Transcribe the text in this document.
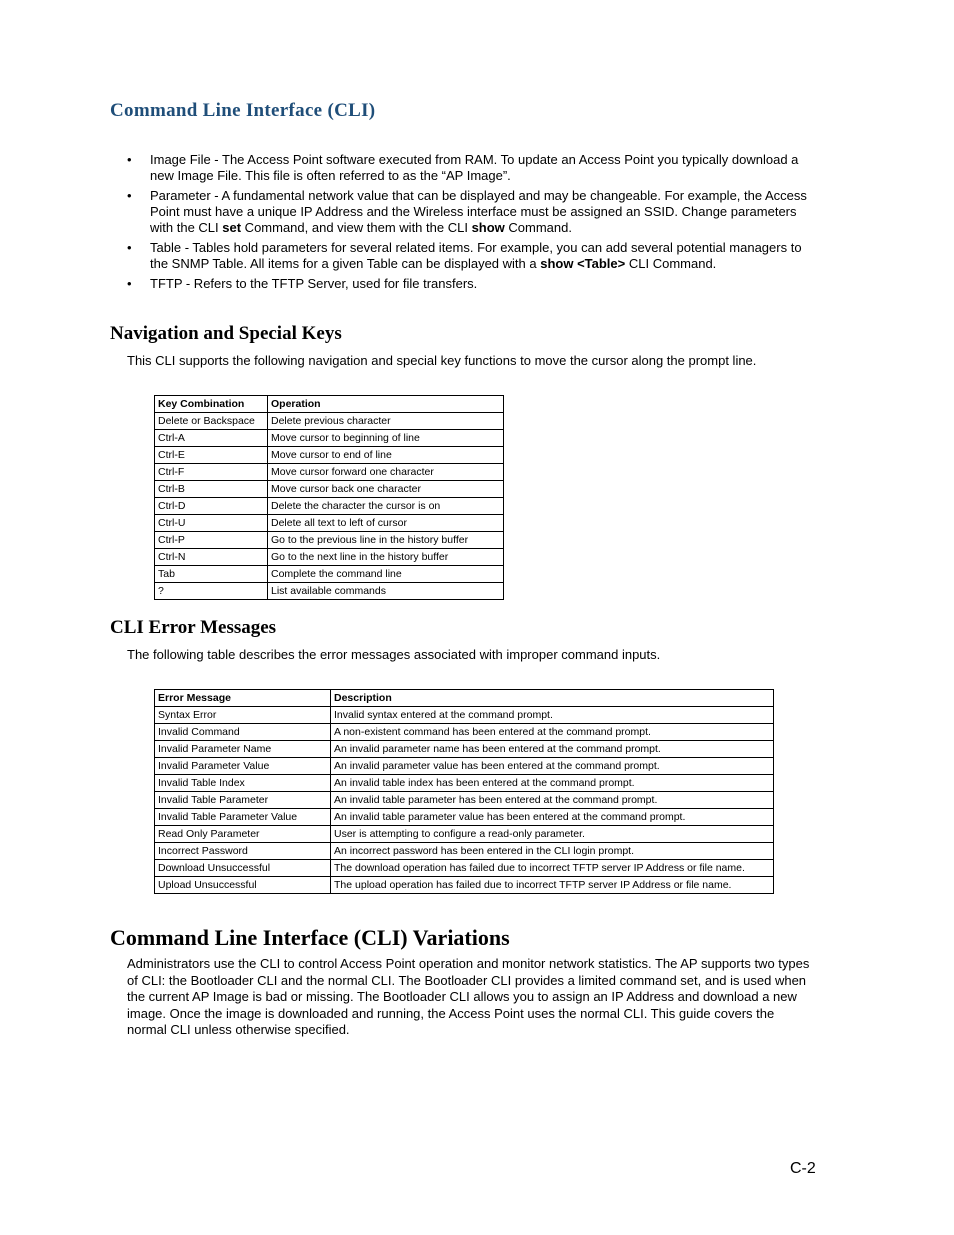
Command Line Interface (CLI)
• Image File - The Access Point software executed from RAM. To update an Access Point you typically download a new Image File. This file is often referred to as the “AP Image”.
• Parameter - A fundamental network value that can be displayed and may be changeable. For example, the Access Point must have a unique IP Address and the Wireless interface must be assigned an SSID. Change parameters with the CLI set Command, and view them with the CLI show Command.
• Table - Tables hold parameters for several related items. For example, you can add several potential managers to the SNMP Table. All items for a given Table can be displayed with a show <Table> CLI Command.
• TFTP - Refers to the TFTP Server, used for file transfers.
Navigation and Special Keys

This CLI supports the following navigation and special key functions to move the cursor along the prompt line.

Key Combination	Operation
Delete or Backspace	Delete previous character
Ctrl-A	Move cursor to beginning of line
Ctrl-E	Move cursor to end of line
Ctrl-F	Move cursor forward one character
Ctrl-B	Move cursor back one character
Ctrl-D	Delete the character the cursor is on
Ctrl-U	Delete all text to left of cursor
Ctrl-P	Go to the previous line in the history buffer
Ctrl-N	Go to the next line in the history buffer
Tab	Complete the command line
?	List available commands
CLI Error Messages

The following table describes the error messages associated with improper command inputs.

Error Message	Description
Syntax Error	Invalid syntax entered at the command prompt.
Invalid Command	A non-existent command has been entered at the command prompt.
Invalid Parameter Name	An invalid parameter name has been entered at the command prompt.
Invalid Parameter Value	An invalid parameter value has been entered at the command prompt.
Invalid Table Index	An invalid table index has been entered at the command prompt.
Invalid Table Parameter	An invalid table parameter has been entered at the command prompt.
Invalid Table Parameter Value	An invalid table parameter value has been entered at the command prompt.
Read Only Parameter	User is attempting to configure a read-only parameter.
Incorrect Password	An incorrect password has been entered in the CLI login prompt.
Download Unsuccessful	The download operation has failed due to incorrect TFTP server IP Address or file name.
Upload Unsuccessful	The upload operation has failed due to incorrect TFTP server IP Address or file name.
Command Line Interface (CLI) Variations

Administrators use the CLI to control Access Point operation and monitor network statistics. The AP supports two types of CLI: the Bootloader CLI and the normal CLI. The Bootloader CLI provides a limited command set, and is used when the current AP Image is bad or missing. The Bootloader CLI allows you to assign an IP Address and download a new image. Once the image is downloaded and running, the Access Point uses the normal CLI. This guide covers the normal CLI unless otherwise specified.

C-2
